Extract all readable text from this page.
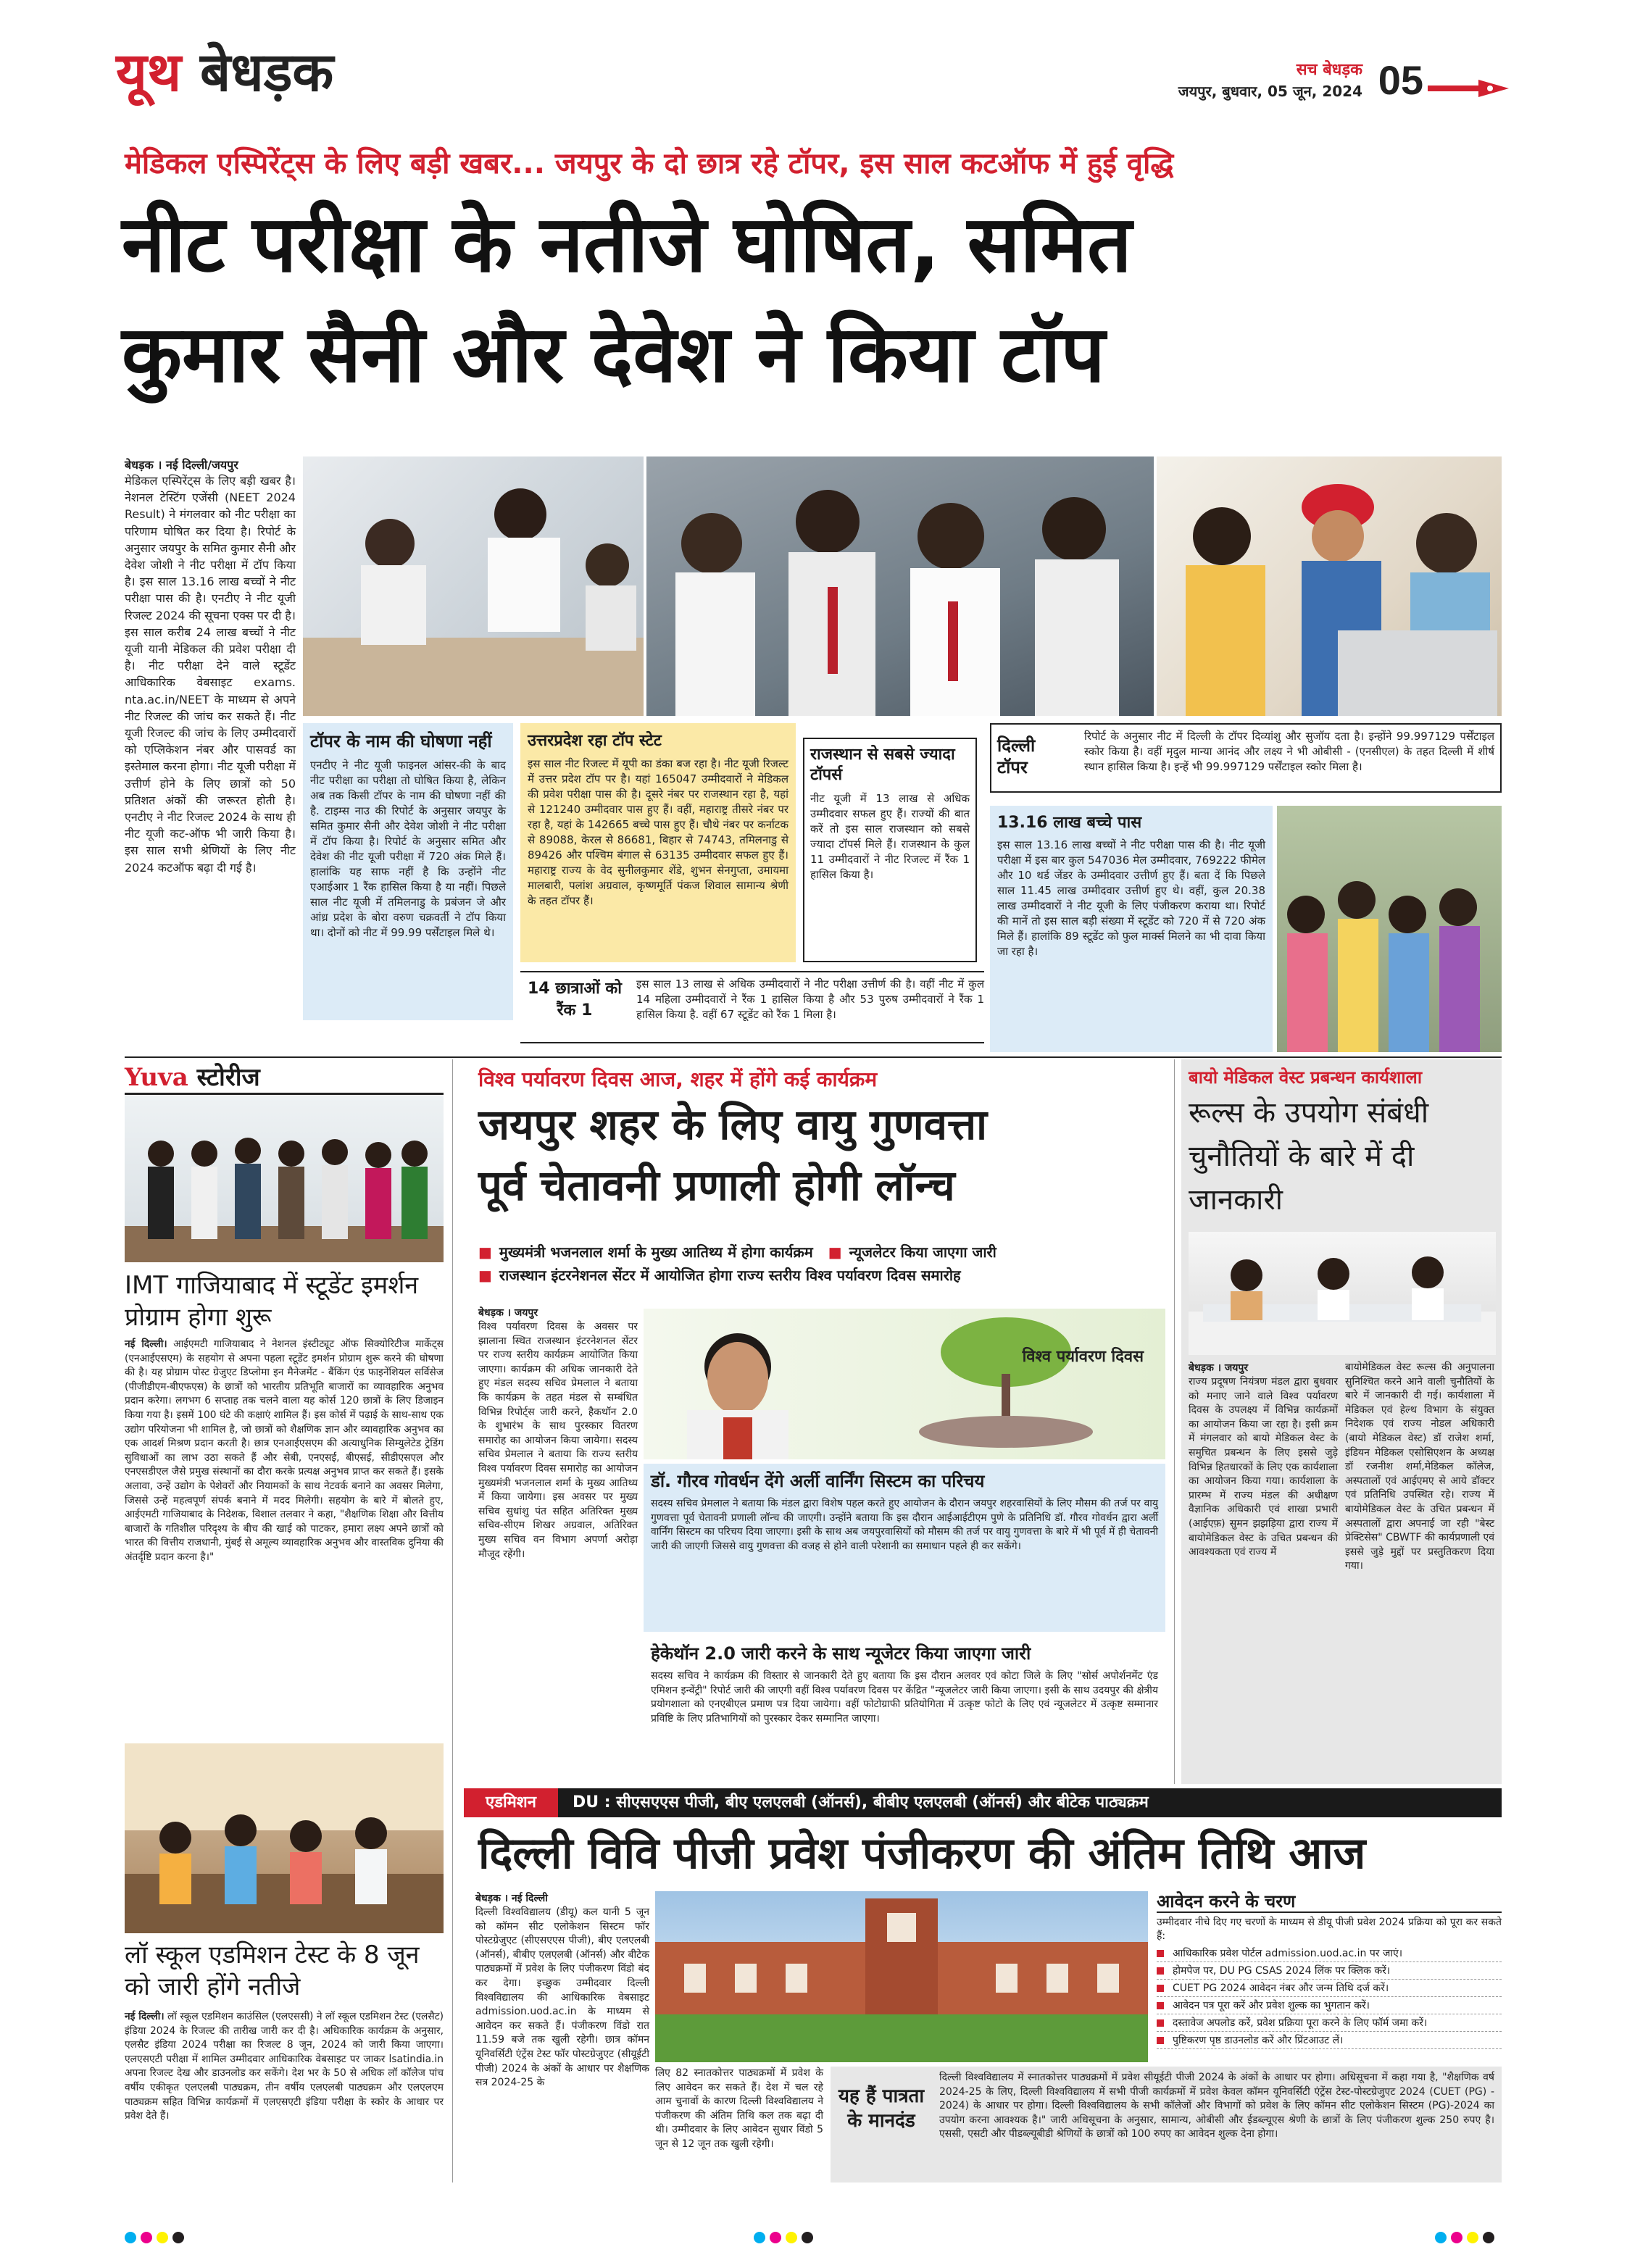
यूथ बेधड़क	सच बेधड़क
जयपुर, बुधवार, 05 जून, 2024 05
मेडिकल एस्पिरेंट्स के लिए बड़ी खबर... जयपुर के दो छात्र रहे टॉपर, इस साल कटऑफ में हुई वृद्धि
नीट परीक्षा के नतीजे घोषित, समित
कुमार सैनी और देवेश ने किया टॉप
बेधड़क । नई दिल्ली/जयपुर
मेडिकल एस्पिरेंट्स के लिए बड़ी खबर है। नेशनल टेस्टिंग एजेंसी (NEET 2024 Result) ने मंगलवार को नीट परीक्षा का परिणाम घोषित कर दिया है। रिपोर्ट के अनुसार जयपुर के समित कुमार सैनी और देवेश जोशी ने नीट परीक्षा में टॉप किया है। इस साल 13.16 लाख बच्चों ने नीट परीक्षा पास की है। एनटीए ने नीट यूजी रिजल्ट 2024 की सूचना एक्स पर दी है। इस साल करीब 24 लाख बच्चों ने नीट यूजी यानी मेडिकल की प्रवेश परीक्षा दी है। नीट परीक्षा देने वाले स्टूडेंट आधिकारिक वेबसाइट exams. nta.ac.in/NEET के माध्यम से अपने नीट रिजल्ट की जांच कर सकते हैं। नीट यूजी रिजल्ट की जांच के लिए उम्मीदवारों को एप्लिकेशन नंबर और पासवर्ड का इस्तेमाल करना होगा। नीट यूजी परीक्षा में उत्तीर्ण होने के लिए छात्रों को 50 प्रतिशत अंकों की जरूरत होती है। एनटीए ने नीट रिजल्ट 2024 के साथ ही नीट यूजी कट-ऑफ भी जारी किया है। इस साल सभी श्रेणियों के लिए नीट 2024 कटऑफ बढ़ा दी गई है।
टॉपर के नाम की घोषणा नहीं
एनटीए ने नीट यूजी फाइनल आंसर-की के बाद नीट परीक्षा का परीक्षा तो घोषित किया है, लेकिन अब तक किसी टॉपर के नाम की घोषणा नहीं की है. टाइम्स नाउ की रिपोर्ट के अनुसार जयपुर के समित कुमार सैनी और देवेश जोशी ने नीट परीक्षा में टॉप किया है। रिपोर्ट के अनुसार समित और देवेश की नीट यूजी परीक्षा में 720 अंक मिले हैं। हालांकि यह साफ नहीं है कि उन्होंने नीट एआईआर 1 रैंक हासिल किया है या नहीं। पिछले साल नीट यूजी में तमिलनाडु के प्रबंजन जे और आंध्र प्रदेश के बोरा वरुण चक्रवर्ती ने टॉप किया था। दोनों को नीट में 99.99 पर्सेंटाइल मिले थे।
उत्तरप्रदेश रहा टॉप स्टेट
इस साल नीट रिजल्ट में यूपी का डंका बज रहा है। नीट यूजी रिजल्ट में उत्तर प्रदेश टॉप पर है। यहां 165047 उम्मीदवारों ने मेडिकल की प्रवेश परीक्षा पास की है। दूसरे नंबर पर राजस्थान रहा है, यहां से 121240 उम्मीदवार पास हुए हैं। वहीं, महाराष्ट्र तीसरे नंबर पर रहा है, यहां के 142665 बच्चे पास हुए हैं। चौथे नंबर पर कर्नाटक से 89088, केरल से 86681, बिहार से 74743, तमिलनाडु से 89426 और पश्चिम बंगाल से 63135 उम्मीदवार सफल हुए हैं। महाराष्ट्र राज्य के वेद सुनीलकुमार शेंडे, शुभन सेनगुप्ता, उमायमा मालबारी, पलांश अग्रवाल, कृष्णमूर्ति पंकज शिवाल सामान्य श्रेणी के तहत टॉपर हैं।
राजस्थान से सबसे ज्यादा टॉपर्स
नीट यूजी में 13 लाख से अधिक उम्मीदवार सफल हुए हैं। राज्यों की बात करें तो इस साल राजस्थान को सबसे ज्यादा टॉपर्स मिले हैं। राजस्थान के कुल 11 उम्मीदवारों ने नीट रिजल्ट में रैंक 1 हासिल किया है।
दिल्ली टॉपर
रिपोर्ट के अनुसार नीट में दिल्ली के टॉपर दिव्यांशु और सुजॉय दता है। इन्होंने 99.997129 पर्सेंटाइल स्कोर किया है। वहीं मृदुल मान्या आनंद और लक्ष्य ने भी ओबीसी - (एनसीएल) के तहत दिल्ली में शीर्ष स्थान हासिल किया है। इन्हें भी 99.997129 पर्सेंटाइल स्कोर मिला है।
13.16 लाख बच्चे पास
इस साल 13.16 लाख बच्चों ने नीट परीक्षा पास की है। नीट यूजी परीक्षा में इस बार कुल 547036 मेल उम्मीदवार, 769222 फीमेल और 10 थर्ड जेंडर के उम्मीदवार उत्तीर्ण हुए हैं। बता दें कि पिछले साल 11.45 लाख उम्मीदवार उत्तीर्ण हुए थे। वहीं, कुल 20.38 लाख उम्मीदवारों ने नीट यूजी के लिए पंजीकरण कराया था। रिपोर्ट की मानें तो इस साल बड़ी संख्या में स्टूडेंट को 720 में से 720 अंक मिले हैं। हालांकि 89 स्टूडेंट को फुल मार्क्स मिलने का भी दावा किया जा रहा है।
14 छात्राओं को रैंक 1
इस साल 13 लाख से अधिक उम्मीदवारों ने नीट परीक्षा उत्तीर्ण की है। वहीं नीट में कुल 14 महिला उम्मीदवारों ने रैंक 1 हासिल किया है और 53 पुरुष उम्मीदवारों ने रैंक 1 हासिल किया है. वहीं 67 स्टूडेंट को रैंक 1 मिला है।
Yuva स्टोरीज
IMT गाजियाबाद में स्टूडेंट इमर्शन प्रोग्राम होगा शुरू
नई दिल्ली। आईएमटी गाजियाबाद ने नेशनल इंस्टीट्यूट ऑफ सिक्योरिटीज मार्केट्स (एनआईएसएम) के सहयोग से अपना पहला स्टूडेंट इमर्शन प्रोग्राम शुरू करने की घोषणा की है। यह प्रोग्राम पोस्ट ग्रेजुएट डिप्लोमा इन मैनेजमेंट - बैंकिंग एंड फाइनेंशियल सर्विसेज (पीजीडीएम-बीएफएस) के छात्रों को भारतीय प्रतिभूति बाजारों का व्यावहारिक अनुभव प्रदान करेगा। लगभग 6 सप्ताह तक चलने वाला यह कोर्स 120 छात्रों के लिए डिजाइन किया गया है। इसमें 100 घंटे की कक्षाएं शामिल हैं। इस कोर्स में पढ़ाई के साथ-साथ एक उद्योग परियोजना भी शामिल है, जो छात्रों को शैक्षणिक ज्ञान और व्यावहारिक अनुभव का एक आदर्श मिश्रण प्रदान करती है। छात्र एनआईएसएम की अत्याधुनिक सिम्युलेटेड ट्रेडिंग सुविधाओं का लाभ उठा सकते हैं और सेबी, एनएसई, बीएसई, सीडीएसएल और एनएसडीएल जैसे प्रमुख संस्थानों का दौरा करके प्रत्यक्ष अनुभव प्राप्त कर सकते हैं। इसके अलावा, उन्हें उद्योग के पेशेवरों और नियामकों के साथ नेटवर्क बनाने का अवसर मिलेगा, जिससे उन्हें महत्वपूर्ण संपर्क बनाने में मदद मिलेगी। सहयोग के बारे में बोलते हुए, आईएमटी गाजियाबाद के निदेशक, विशाल तलवार ने कहा, "शैक्षणिक शिक्षा और वित्तीय बाजारों के गतिशील परिदृश्य के बीच की खाई को पाटकर, हमारा लक्ष्य अपने छात्रों को भारत की वित्तीय राजधानी, मुंबई से अमूल्य व्यावहारिक अनुभव और वास्तविक दुनिया की अंतर्दृष्टि प्रदान करना है।"
लॉ स्कूल एडमिशन टेस्ट के 8 जून को जारी होंगे नतीजे
नई दिल्ली। लॉ स्कूल एडमिशन काउंसिल (एलएससी) ने लॉ स्कूल एडमिशन टेस्ट (एलसैट) इंडिया 2024 के रिजल्ट की तारीख जारी कर दी है। अधिकारिक कार्यक्रम के अनुसार, एलसैट इंडिया 2024 परीक्षा का रिजल्ट 8 जून, 2024 को जारी किया जाएगा। एलएसएटी परीक्षा में शामिल उम्मीदवार आधिकारिक वेबसाइट पर जाकर lsatindia.in अपना रिजल्ट देख और डाउनलोड कर सकेंगे। देश भर के 50 से अधिक लॉ कॉलेज पांच वर्षीय एकीकृत एलएलबी पाठ्यक्रम, तीन वर्षीय एलएलबी पाठ्यक्रम और एलएलएम पाठ्यक्रम सहित विभिन्न कार्यक्रमों में एलएसएटी इंडिया परीक्षा के स्कोर के आधार पर प्रवेश देते हैं।
विश्व पर्यावरण दिवस आज, शहर में होंगे कई कार्यक्रम
जयपुर शहर के लिए वायु गुणवत्ता
पूर्व चेतावनी प्रणाली होगी लॉन्च
■ मुख्यमंत्री भजनलाल शर्मा के मुख्य आतिथ्य में होगा कार्यक्रम ■ न्यूजलेटर किया जाएगा जारी
■ राजस्थान इंटरनेशनल सेंटर में आयोजित होगा राज्य स्तरीय विश्व पर्यावरण दिवस समारोह
बेधड़क । जयपुर
विश्व पर्यावरण दिवस के अवसर पर झालाना स्थित राजस्थान इंटरनेशनल सेंटर पर राज्य स्तरीय कार्यक्रम आयोजित किया जाएगा। कार्यक्रम की अधिक जानकारी देते हुए मंडल सदस्य सचिव प्रेमलाल ने बताया कि कार्यक्रम के तहत मंडल से सम्बंधित विभिन्न रिपोर्ट्स जारी करने, हैकथॉन 2.0 के शुभारंभ के साथ पुरस्कार वितरण समारोह का आयोजन किया जायेगा। सदस्य सचिव प्रेमलाल ने बताया कि राज्य स्तरीय विश्व पर्यावरण दिवस समारोह का आयोजन मुख्यमंत्री भजनलाल शर्मा के मुख्य आतिथ्य में किया जायेगा। इस अवसर पर मुख्य सचिव सुधांशु पंत सहित अतिरिक्त मुख्य सचिव-सीएम शिखर अग्रवाल, अतिरिक्त मुख्य सचिव वन विभाग अपर्णा अरोड़ा मौजूद रहेंगी।
विश्व पर्यावरण दिवस
डॉ. गौरव गोवर्धन देंगे अर्ली वार्निंग सिस्टम का परिचय
सदस्य सचिव प्रेमलाल ने बताया कि मंडल द्वारा विशेष पहल करते हुए आयोजन के दौरान जयपुर शहरवासियों के लिए मौसम की तर्ज पर वायु गुणवत्ता पूर्व चेतावनी प्रणाली लॉन्च की जाएगी। उन्होंने बताया कि इस दौरान आईआईटीएम पुणे के प्रतिनिधि डॉ. गौरव गोवर्धन द्वारा अर्ली वार्निंग सिस्टम का परिचय दिया जाएगा। इसी के साथ अब जयपुरवासियों को मौसम की तर्ज पर वायु गुणवत्ता के बारे में भी पूर्व में ही चेतावनी जारी की जाएगी जिससे वायु गुणवत्ता की वजह से होने वाली परेशानी का समाधान पहले ही कर सकेंगे।
हेकेथॉन 2.0 जारी करने के साथ न्यूजेटर किया जाएगा जारी
सदस्य सचिव ने कार्यक्रम की विस्तार से जानकारी देते हुए बताया कि इस दौरान अलवर एवं कोटा जिले के लिए "सोर्स अपोर्शनमेंट एंड एमिशन इन्वेंट्री" रिपोर्ट जारी की जाएगी वहीं विश्व पर्यावरण दिवस पर केंद्रित "न्यूजलेटर जारी किया जाएगा। इसी के साथ उदयपुर की क्षेत्रीय प्रयोगशाला को एनएबीएल प्रमाण पत्र दिया जायेगा। वहीं फोटोग्राफी प्रतियोगिता में उत्कृष्ट फोटो के लिए एवं न्यूजलेटर में उत्कृष्ट सम्मानार प्रविष्टि के लिए प्रतिभागियों को पुरस्कार देकर सम्मानित जाएगा।
बायो मेडिकल वेस्ट प्रबन्धन कार्यशाला
रूल्स के उपयोग संबंधी चुनौतियों के बारे में दी जानकारी
बेधड़क । जयपुर
राज्य प्रदूषण नियंत्रण मंडल द्वारा बुधवार को मनाए जाने वाले विश्व पर्यावरण दिवस के उपलक्ष्य में विभिन्न कार्यक्रमों का आयोजन किया जा रहा है। इसी क्रम में मंगलवार को बायो मेडिकल वेस्ट के समुचित प्रबन्धन के लिए इससे जुड़े विभिन्न हितधारकों के लिए एक कार्यशाला का आयोजन किया गया। कार्यशाला के प्रारम्भ में राज्य मंडल की अधीक्षण वैज्ञानिक अधिकारी एवं शाखा प्रभारी (आईएफ़) सुमन झझड़िया द्वारा राज्य में बायोमेडिकल वेस्ट के उचित प्रबन्धन की आवश्यकता एवं राज्य में
बायोमेडिकल वेस्ट रूल्स की अनुपालना सुनिश्चित करने आने वाली चुनौतियों के बारे में जानकारी दी गई। कार्यशाला में मेडिकल एवं हेल्थ विभाग के संयुक्त निदेशक एवं राज्य नोडल अधिकारी (बायो मेडिकल वेस्ट) डॉ राजेश शर्मा, इंडियन मेडिकल एसोसिएशन के अध्यक्ष डॉ रजनीश शर्मा,मेडिकल कॉलेज, अस्पतालों एवं आईएमए से आये डॉक्टर एवं प्रतिनिधि उपस्थित रहे। राज्य में बायोमेडिकल वेस्ट के उचित प्रबन्धन में अस्पतालों द्वारा अपनाई जा रही "बेस्ट प्रेक्टिसेस" CBWTF की कार्यप्रणाली एवं इससे जुड़े मुद्दों पर प्रस्तुतिकरण दिया गया।
एडमिशन	DU : सीएसएएस पीजी, बीए एलएलबी (ऑनर्स), बीबीए एलएलबी (ऑनर्स) और बीटेक पाठ्यक्रम
दिल्ली विवि पीजी प्रवेश पंजीकरण की अंतिम तिथि आज
बेधड़क । नई दिल्ली
दिल्ली विश्वविद्यालय (डीयू) कल यानी 5 जून को कॉमन सीट एलोकेशन सिस्टम फॉर पोस्टग्रेजुएट (सीएसएएस पीजी), बीए एलएलबी (ऑनर्स), बीबीए एलएलबी (ऑनर्स) और बीटेक पाठ्यक्रमों में प्रवेश के लिए पंजीकरण विंडो बंद कर देगा। इच्छुक उम्मीदवार दिल्ली विश्वविद्यालय की आधिकारिक वेबसाइट admission.uod.ac.in के माध्यम से आवेदन कर सकते हैं। पंजीकरण विंडो रात 11.59 बजे तक खुली रहेगी। छात्र कॉमन यूनिवर्सिटी एंट्रेंस टेस्ट फॉर पोस्टग्रेजुएट (सीयूईटी पीजी) 2024 के अंकों के आधार पर शैक्षणिक सत्र 2024-25 के
लिए 82 स्नातकोत्तर पाठ्यक्रमों में प्रवेश के लिए आवेदन कर सकते हैं। देश में चल रहे आम चुनावों के कारण दिल्ली विश्वविद्यालय ने पंजीकरण की अंतिम तिथि कल तक बढ़ा दी थी। उम्मीदवार के लिए आवेदन सुधार विंडो 5 जून से 12 जून तक खुली रहेगी।
आवेदन करने के चरण
उम्मीदवार नीचे दिए गए चरणों के माध्यम से डीयू पीजी प्रवेश 2024 प्रक्रिया को पूरा कर सकते हैं:
आधिकारिक प्रवेश पोर्टल admission.uod.ac.in पर जाएं।
होमपेज पर, DU PG CSAS 2024 लिंक पर क्लिक करें।
CUET PG 2024 आवेदन नंबर और जन्म तिथि दर्ज करें।
आवेदन पत्र पूरा करें और प्रवेश शुल्क का भुगतान करें।
दस्तावेज अपलोड करें, प्रवेश प्रक्रिया पूरा करने के लिए फॉर्म जमा करें।
पुष्टिकरण पृष्ठ डाउनलोड करें और प्रिंटआउट लें।
यह हैं पात्रता के मानदंड
दिल्ली विश्वविद्यालय में स्नातकोत्तर पाठ्यक्रमों में प्रवेश सीयूईटी पीजी 2024 के अंकों के आधार पर होगा। अधिसूचना में कहा गया है, "शैक्षणिक वर्ष 2024-25 के लिए, दिल्ली विश्वविद्यालय में सभी पीजी कार्यक्रमों में प्रवेश केवल कॉमन यूनिवर्सिटी एंट्रेंस टेस्ट-पोस्टग्रेजुएट 2024 (CUET (PG) - 2024) के आधार पर होगा। दिल्ली विश्वविद्यालय के सभी कॉलेजों और विभागों को प्रवेश के लिए कॉमन सीट एलोकेशन सिस्टम (PG)-2024 का उपयोग करना आवश्यक है।" जारी अधिसूचना के अनुसार, सामान्य, ओबीसी और ईडब्ल्यूएस श्रेणी के छात्रों के लिए पंजीकरण शुल्क 250 रुपए है। एससी, एसटी और पीडब्ल्यूबीडी श्रेणियों के छात्रों को 100 रुपए का आवेदन शुल्क देना होगा।
